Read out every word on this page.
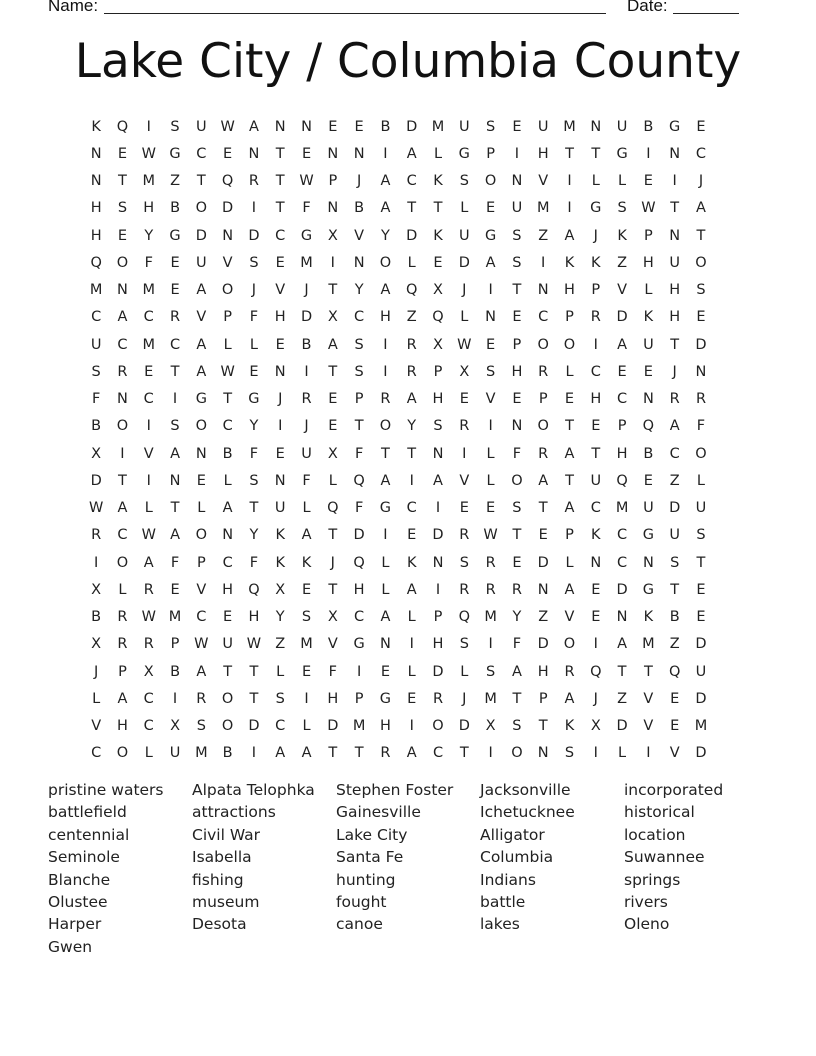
Name:	Date:
Lake City / Columbia County
K	Q	I	S	U W A	N	N	E	E	B	D M	U	S	E	U	M	N	U	B	G	E
N	E	W G	C	E	N	T	E	N	N	I	A	L	G	P	I	H	T	T	G	I	N	C
N	T	M	Z	T	Q	R	T	W	P	J	A	C	K	S	O	N	V	I	L	L	E	I	J
H	S	H	B	O	D	I	T	F	N	B	A	T	T	L	E	U	M	I	G	S	W	T	A
H	E	Y	G	D	N	D	C	G	X	V	Y	D	K	U	G	S	Z	A	J	K	P	N	T
Q	O	F	E	U	V	S	E	M	I	N	O	L	E	D	A	S	I	K	K	Z	H	U	O
M	N	M	E	A	O	J	V	J	T	Y	A	Q	X	J	I	T	N	H	P	V	L	H	S
C	A	C	R	V	P	F	H	D	X	C	H	Z	Q	L	N	E	C	P	R	D	K	H	E
U	C	M	C	A	L	L	E	B	A	S	I	R	X W	E	P	O	O	I	A	U	T	D
S	R	E	T	A W	E	N	I	T	S	I	R	P	X	S	H	R	L	C	E	E	J	N
F	N	C	I	G	T	G	J	R	E	P	R	A	H	E	V	E	P	E	H	C	N	R	R
B	O	I	S	O	C	Y	I	J	E	T	O	Y	S	R	I	N	O	T	E	P	Q	A	F
X	I	V	A	N	B	F	E	U	X	F	T	T	N	I	L	F	R	A	T	H	B	C	O
D	T	I	N	E	L	S	N	F	L	Q	A	I	A	V	L	O	A	T	U	Q	E	Z	L
W A	L	T	L	A	T	U	L	Q	F	G	C	I	E	E	S	T	A	C	M	U	D	U
R	C W A	O	N	Y	K	A	T	D	I	E	D	R W	T	E	P	K	C	G	U	S
I	O	A	F	P	C	F	K	K	J	Q	L	K	N	S	R	E	D	L	N	C	N	S	T
X	L	R	E	V	H	Q	X	E	T	H	L	A	I	R	R	R	N	A	E	D	G	T	E
B	R W M	C	E	H	Y	S	X	C	A	L	P	Q M	Y	Z	V	E	N	K	B	E
X	R	R	P	W U W Z	M	V	G	N	I	H	S	I	F	D	O	I	A	M	Z	D
J	P	X	B	A	T	T	L	E	F	I	E	L	D	L	S	A	H	R	Q	T	T	Q	U
L	A	C	I	R	O	T	S	I	H	P	G	E	R	J	M	T	P	A	J	Z	V	E	D
V	H	C	X	S	O	D	C	L	D M	H	I	O	D	X	S	T	K	X	D	V	E	M
C	O	L	U	M	B	I	A	A	T	T	R	A	C	T	I	O	N	S	I	L	I	V	D
pristine waters
battlefield
centennial
Seminole
Blanche
Olustee
Harper
Gwen
Alpata Telophka
attractions
Civil War
Isabella
fishing
museum
Desota
Stephen Foster
Gainesville
Lake City
Santa Fe
hunting
fought
canoe
Jacksonville
Ichetucknee
Alligator
Columbia
Indians
battle
lakes
incorporated
historical
location
Suwannee
springs
rivers
Oleno
